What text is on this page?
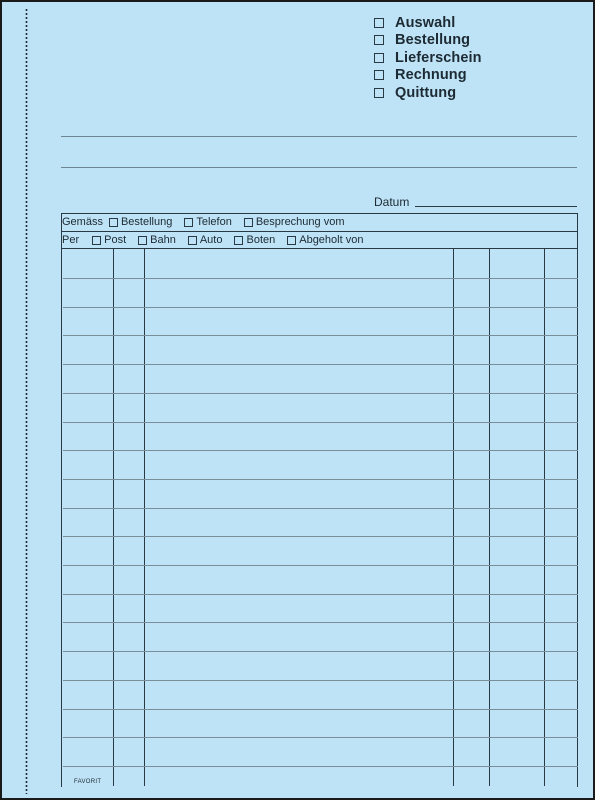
Auswahl
Bestellung
Lieferschein
Rechnung
Quittung
Datum
Gemäss Bestellung Telefon Besprechung vom
Per Post Bahn Auto Boten Abgeholt von
FAVORIT
